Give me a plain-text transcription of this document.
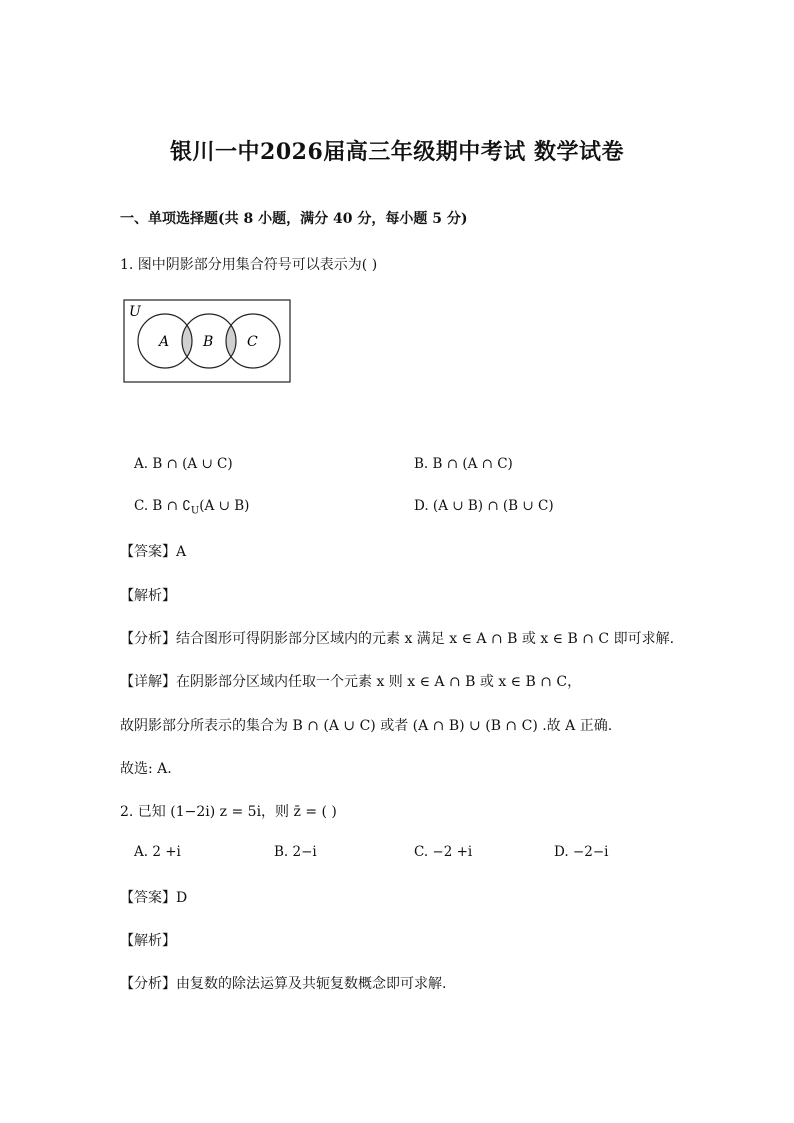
银川一中2026届高三年级期中考试 数学试卷
一、单项选择题(共 8 小题，满分 40 分，每小题 5 分)
1. 图中阴影部分用集合符号可以表示为( )
U
A B C
A. B ∩ (A ∪ C)	B. B ∩ (A ∩ C)
C. B ∩ $∁_U(A$ ∪ B)	D. (A ∪ B) ∩ (B ∪ C)
【答案】A
【解析】
【分析】结合图形可得阴影部分区域内的元素 x 满足 x ∈ A ∩ B 或 x ∈ B ∩ C 即可求解.
【详解】在阴影部分区域内任取一个元素 x 则 x ∈ A ∩ B 或 x ∈ B ∩ C，
故阴影部分所表示的集合为 B ∩ (A ∪ C) 或者 (A ∩ B) ∪ (B ∩ C) .故 A 正确.
故选: A.
2. 已知 (1−2i) z = 5i，则 z̄ = ( )
A. 2 +i	B. 2−i	C. −2 +i	D. −2−i
【答案】D
【解析】
【分析】由复数的除法运算及共轭复数概念即可求解.
